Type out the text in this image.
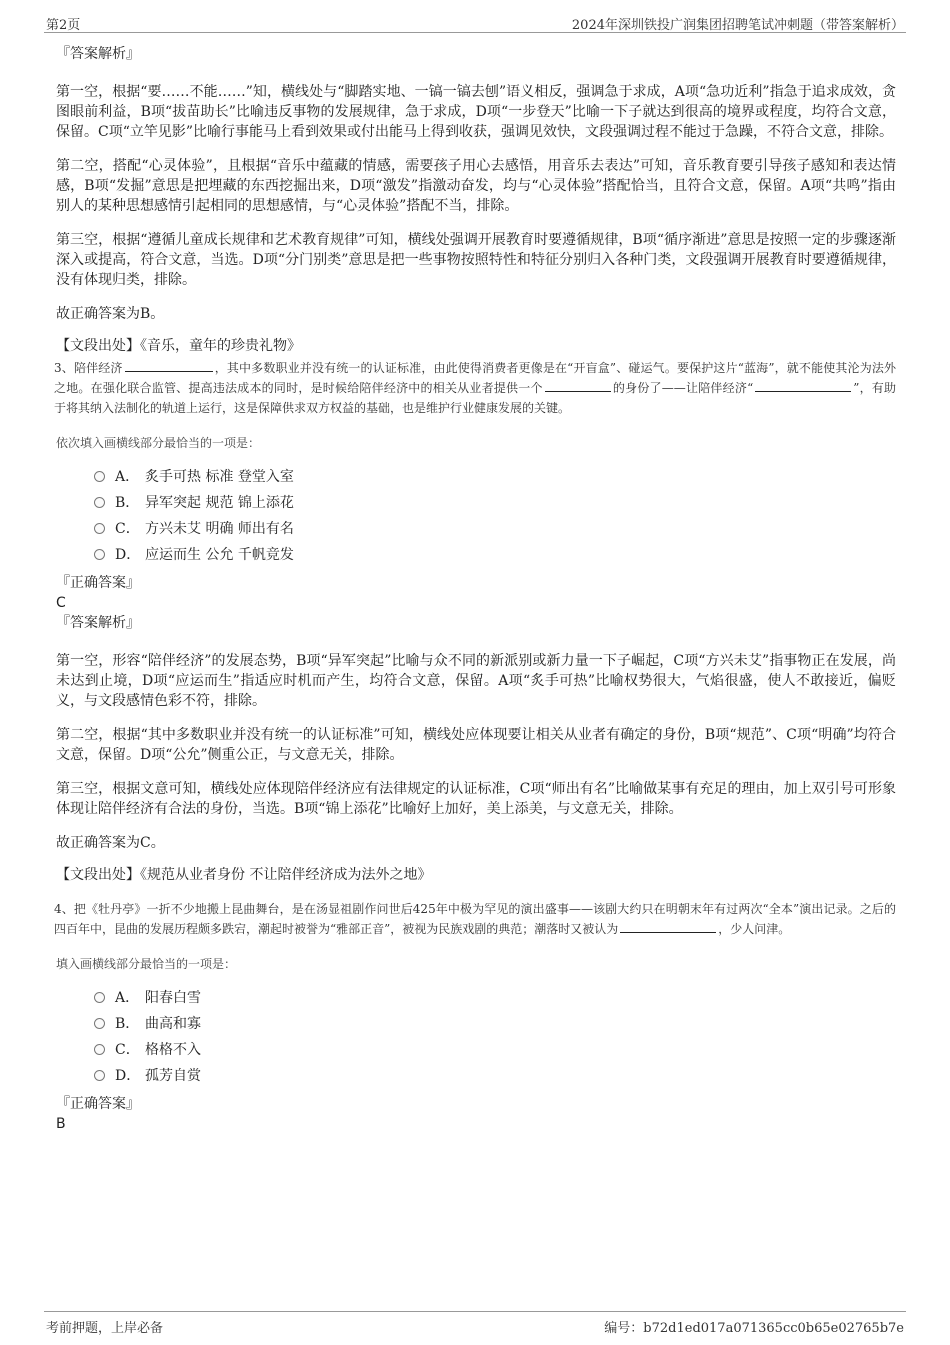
第2页	2024年深圳铁投广润集团招聘笔试冲刺题（带答案解析）

『答案解析』

第一空，根据“要……不能……”知，横线处与“脚踏实地、一镐一镐去刨”语义相反，强调急于求成，A项“急功近利”指急于追求成效，贪图眼前利益，B项“拔苗助长”比喻违反事物的发展规律，急于求成，D项“一步登天”比喻一下子就达到很高的境界或程度，均符合文意，保留。C项“立竿见影”比喻行事能马上看到效果或付出能马上得到收获，强调见效快，文段强调过程不能过于急躁，不符合文意，排除。

第二空，搭配“心灵体验”，且根据“音乐中蕴藏的情感，需要孩子用心去感悟，用音乐去表达”可知，音乐教育要引导孩子感知和表达情感，B项“发掘”意思是把埋藏的东西挖掘出来，D项“激发”指激动奋发，均与“心灵体验”搭配恰当，且符合文意，保留。A项“共鸣”指由别人的某种思想感情引起相同的思想感情，与“心灵体验”搭配不当，排除。

第三空，根据“遵循儿童成长规律和艺术教育规律”可知，横线处强调开展教育时要遵循规律，B项“循序渐进”意思是按照一定的步骤逐渐深入或提高，符合文意，当选。D项“分门别类”意思是把一些事物按照特性和特征分别归入各种门类，文段强调开展教育时要遵循规律，没有体现归类，排除。

故正确答案为B。

【文段出处】《音乐，童年的珍贵礼物》

3、陪伴经济	，其中多数职业并没有统一的认证标准，由此使得消费者更像是在“开盲盒”、碰运气。要保护这片“蓝海”，就不能使其沦为法外之地。在强化联合监管、提高违法成本的同时，是时候给陪伴经济中的相关从业者提供一个	的身份了——让陪伴经济“	”，有助于将其纳入法制化的轨道上运行，这是保障供求双方权益的基础，也是维护行业健康发展的关键。

依次填入画横线部分最恰当的一项是：

A． 炙手可热 标准 登堂入室
B． 异军突起 规范 锦上添花
C． 方兴未艾 明确 师出有名
D． 应运而生 公允 千帆竞发

『正确答案』

C

『答案解析』

第一空，形容“陪伴经济”的发展态势，B项“异军突起”比喻与众不同的新派别或新力量一下子崛起，C项“方兴未艾”指事物正在发展，尚未达到止境，D项“应运而生”指适应时机而产生，均符合文意，保留。A项“炙手可热”比喻权势很大，气焰很盛，使人不敢接近，偏贬义，与文段感情色彩不符，排除。

第二空，根据“其中多数职业并没有统一的认证标准”可知，横线处应体现要让相关从业者有确定的身份，B项“规范”、C项“明确”均符合文意，保留。D项“公允”侧重公正，与文意无关，排除。

第三空，根据文意可知，横线处应体现陪伴经济应有法律规定的认证标准，C项“师出有名”比喻做某事有充足的理由，加上双引号可形象体现让陪伴经济有合法的身份，当选。B项“锦上添花”比喻好上加好，美上添美，与文意无关，排除。

故正确答案为C。

【文段出处】《规范从业者身份 不让陪伴经济成为法外之地》

4、把《牡丹亭》一折不少地搬上昆曲舞台，是在汤显祖剧作问世后425年中极为罕见的演出盛事——该剧大约只在明朝末年有过两次“全本”演出记录。之后的四百年中，昆曲的发展历程颇多跌宕，潮起时被誉为“雅部正音”，被视为民族戏剧的典范；潮落时又被认为	，少人问津。

填入画横线部分最恰当的一项是：

A． 阳春白雪
B． 曲高和寡
C． 格格不入
D． 孤芳自赏

『正确答案』

B

考前押题，上岸必备	编号：b72d1ed017a071365cc0b65e02765b7e
